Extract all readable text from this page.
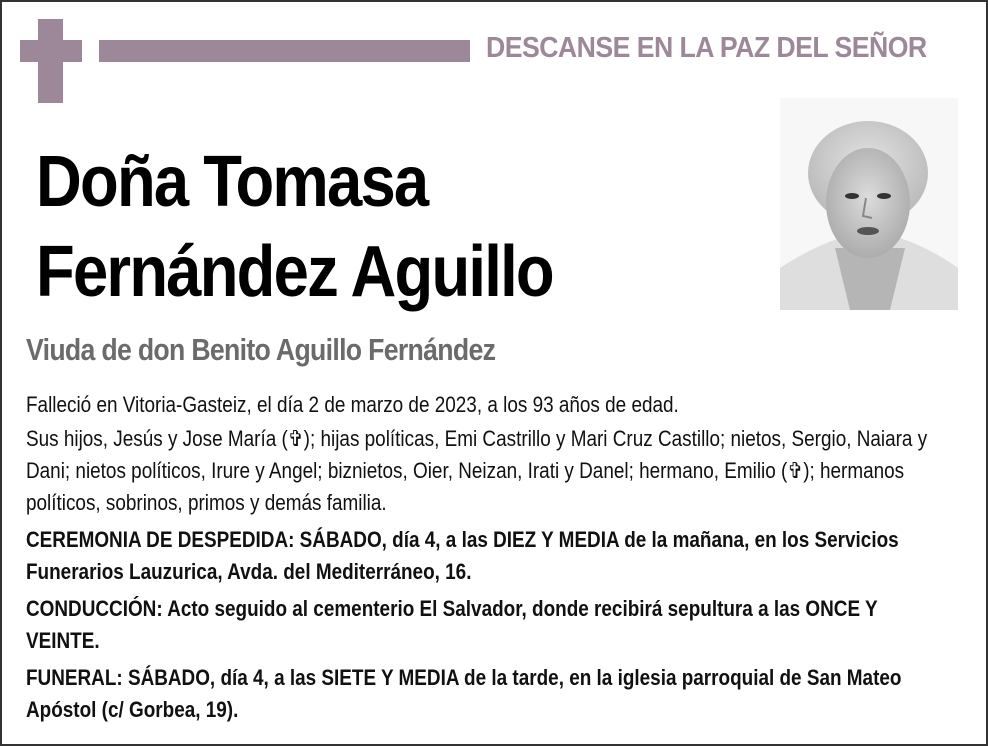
DESCANSE EN LA PAZ DEL SEÑOR
Doña Tomasa
Fernández Aguillo
Viuda de don Benito Aguillo Fernández

Falleció en Vitoria-Gasteiz, el día 2 de marzo de 2023, a los 93 años de edad.

Sus hijos, Jesús y Jose María (✞); hijas políticas, Emi Castrillo y Mari Cruz Castillo; nietos, Sergio, Naiara y Dani; nietos políticos, Irure y Angel; biznietos, Oier, Neizan, Irati y Danel; hermano, Emilio (✞); hermanos políticos, sobrinos, primos y demás familia.

CEREMONIA DE DESPEDIDA: SÁBADO, día 4, a las DIEZ Y MEDIA de la mañana, en los Servicios Funerarios Lauzurica, Avda. del Mediterráneo, 16.

CONDUCCIÓN: Acto seguido al cementerio El Salvador, donde recibirá sepultura a las ONCE Y VEINTE.

FUNERAL: SÁBADO, día 4, a las SIETE Y MEDIA de la tarde, en la iglesia parroquial de San Mateo Apóstol (c/ Gorbea, 19).
